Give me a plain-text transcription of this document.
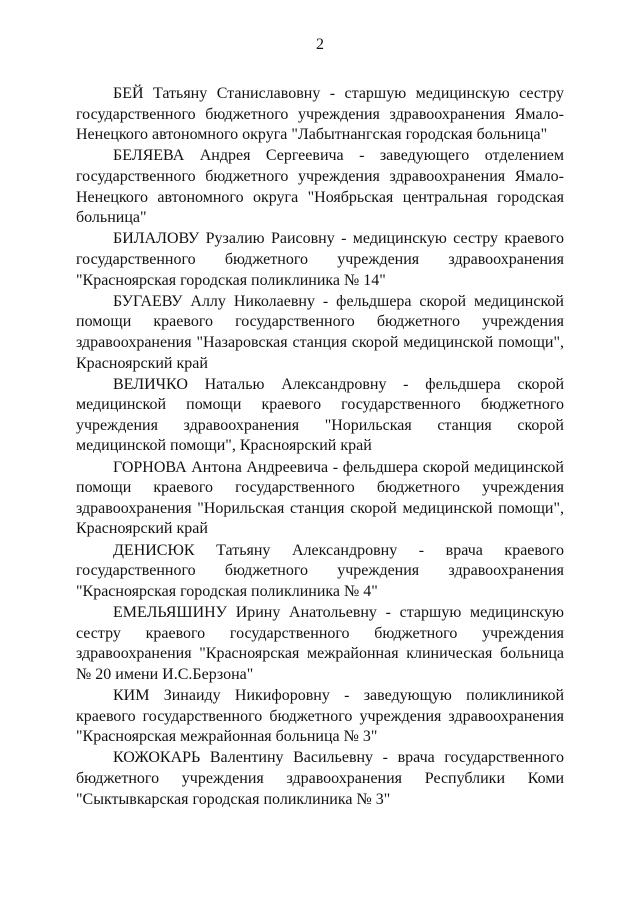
2

БЕЙ Татьяну Станиславовну - старшую медицинскую сестру государственного бюджетного учреждения здравоохранения Ямало-Ненецкого автономного округа "Лабытнангская городская больница"

БЕЛЯЕВА Андрея Сергеевича - заведующего отделением государственного бюджетного учреждения здравоохранения Ямало-Ненецкого автономного округа "Ноябрьская центральная городская больница"

БИЛАЛОВУ Рузалию Раисовну - медицинскую сестру краевого государственного бюджетного учреждения здравоохранения "Красноярская городская поликлиника № 14"

БУГАЕВУ Аллу Николаевну - фельдшера скорой медицинской помощи краевого государственного бюджетного учреждения здравоохранения "Назаровская станция скорой медицинской помощи", Красноярский край

ВЕЛИЧКО Наталью Александровну - фельдшера скорой медицинской помощи краевого государственного бюджетного учреждения здравоохранения "Норильская станция скорой медицинской помощи", Красноярский край

ГОРНОВА Антона Андреевича - фельдшера скорой медицинской помощи краевого государственного бюджетного учреждения здравоохранения "Норильская станция скорой медицинской помощи", Красноярский край

ДЕНИСЮК Татьяну Александровну - врача краевого государственного бюджетного учреждения здравоохранения "Красноярская городская поликлиника № 4"

ЕМЕЛЬЯШИНУ Ирину Анатольевну - старшую медицинскую сестру краевого государственного бюджетного учреждения здравоохранения "Красноярская межрайонная клиническая больница № 20 имени И.С.Берзона"

КИМ Зинаиду Никифоровну - заведующую поликлиникой краевого государственного бюджетного учреждения здравоохранения "Красноярская межрайонная больница № 3"

КОЖОКАРЬ Валентину Васильевну - врача государственного бюджетного учреждения здравоохранения Республики Коми "Сыктывкарская городская поликлиника № 3"
